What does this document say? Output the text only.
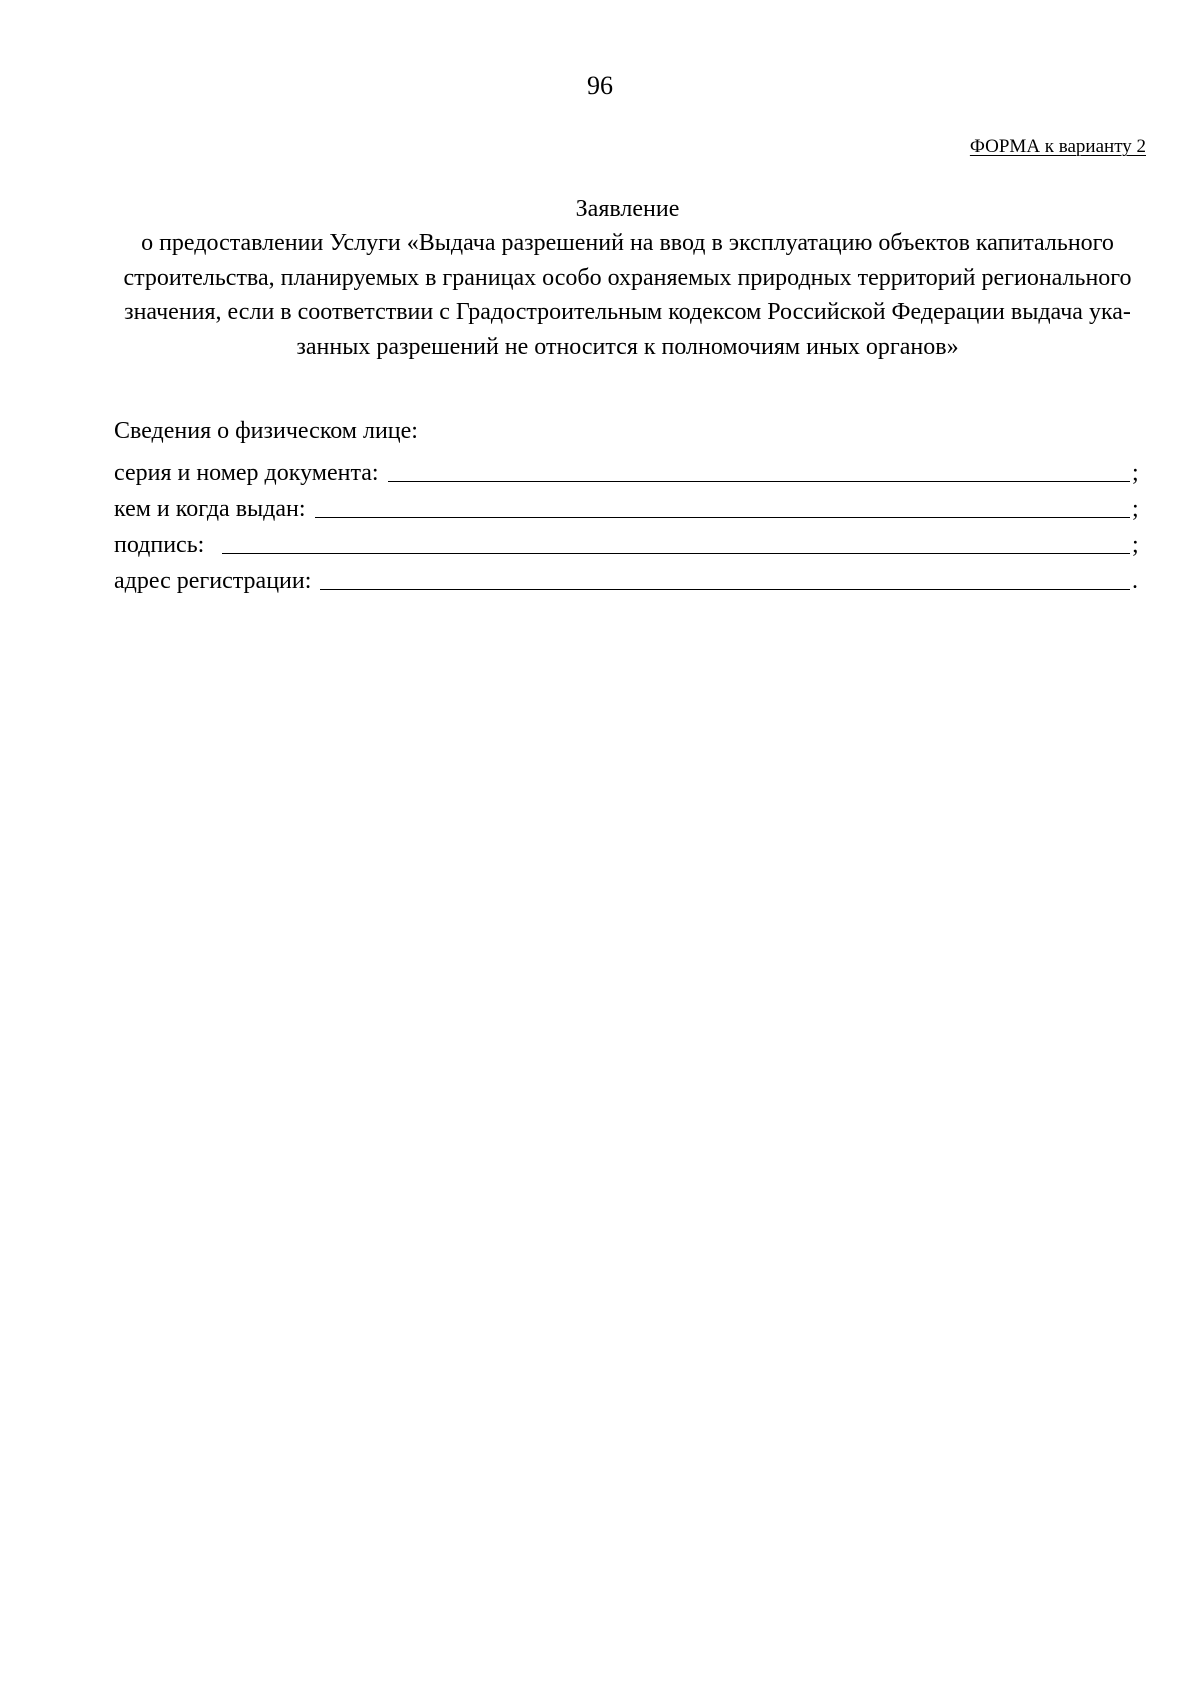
96
ФОРМА к варианту 2
Заявление
о предоставлении Услуги «Выдача разрешений на ввод в эксплуатацию объектов капитального
строительства, планируемых в границах особо охраняемых природных территорий регионального
значения, если в соответствии с Градостроительным кодексом Российской Федерации выдача ука-
занных разрешений не относится к полномочиям иных органов»
Сведения о физическом лице:
серия и номер документа:	;
кем и когда выдан:	;
подпись:	;
адрес регистрации:	.
